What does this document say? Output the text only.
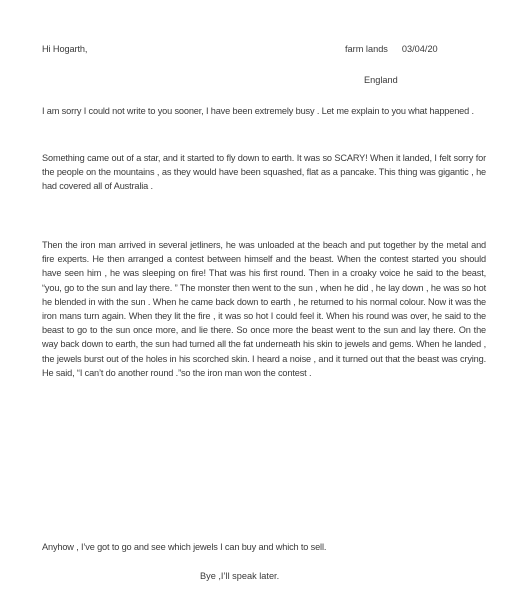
Hi Hogarth,	farm lands 03/04/20
England

I am sorry I could not write to you sooner, I have been extremely busy . Let me explain to you what happened .

Something came out of a star, and it started to fly down to earth. It was so SCARY! When it landed, I felt sorry for the people on the mountains , as they would have been squashed, flat as a pancake. This thing was gigantic , he had covered all of Australia .

Then the iron man arrived in several jetliners, he was unloaded at the beach and put together by the metal and fire experts. He then arranged a contest between himself and the beast. When the contest started you should have seen him , he was sleeping on fire! That was his first round. Then in a croaky voice he said to the beast, “you, go to the sun and lay there. ” The monster then went to the sun , when he did , he lay down , he was so hot he blended in with the sun . When he came back down to earth , he returned to his normal colour. Now it was the iron mans turn again. When they lit the fire , it was so hot I could feel it. When his round was over, he said to the beast to go to the sun once more, and lie there. So once more the beast went to the sun and lay there. On the way back down to earth, the sun had turned all the fat underneath his skin to jewels and gems. When he landed , the jewels burst out of the holes in his scorched skin. I heard a noise , and it turned out that the beast was crying. He said, “I can’t do another round .”so the iron man won the contest .

Anyhow , I’ve got to go and see which jewels I can buy and which to sell.

Bye ,I’ll speak later.
